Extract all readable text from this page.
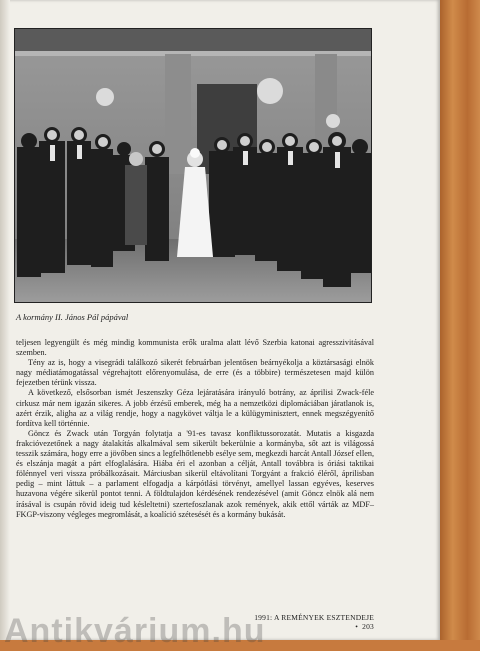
A kormány II. János Pál pápával

teljesen legyengült és még mindig kommunista erők uralma alatt lévő Szerbia katonai agresszivitásával szemben.

Tény az is, hogy a visegrádi találkozó sikerét februárban jelentősen beárnyékolja a köztársasági elnök nagy médiatámogatással végrehajtott előrenyomulása, de erre (és a többire) természetesen majd külön fejezetben térünk vissza.

A következő, elsősorban ismét Jeszenszky Géza lejáratására irányuló botrány, az áprilisi Zwack-féle cirkusz már nem igazán sikeres. A jobb érzésű emberek, még ha a nemzetközi diplomáciában járatlanok is, azért érzik, aligha az a világ rendje, hogy a nagykövet váltja le a külügyminisztert, ennek megszégyenítő fordítva kell történnie.

Göncz és Zwack után Torgyán folytatja a '91-es tavasz konfliktussorozatát. Mutatis a kisgazda frakcióvezetőnek a nagy átalakítás alkalmával sem sikerült bekerülnie a kormányba, sőt azt is világossá tesszik számára, hogy erre a jövőben sincs a legfelhőtlenebb esélye sem, megkezdi harcát Antall József ellen, és elszánja magát a párt elfoglalására. Hiába éri el azonban a célját, Antall továbbra is óriási taktikai fölénnyel veri vissza próbálkozásait. Márciusban sikerül eltávolítani Torgyánt a frakció éléről, áprilisban pedig – mint láttuk – a parlament elfogadja a kárpótlási törvényt, amellyel lassan egyéves, keserves huzavona végére sikerül pontot tenni. A földtulajdon kérdésének rendezésével (amit Göncz elnök alá nem írásával is csupán rövid ideig tud késleltetni) szertefoszlanak azok remények, akik ettől várták az MDF–FKGP-viszony végleges megromlását, a koalíció szétesését és a kormány bukását.

1991: A REMÉNYEK ESZTENDEJE • 203
Antikvárium.hu
